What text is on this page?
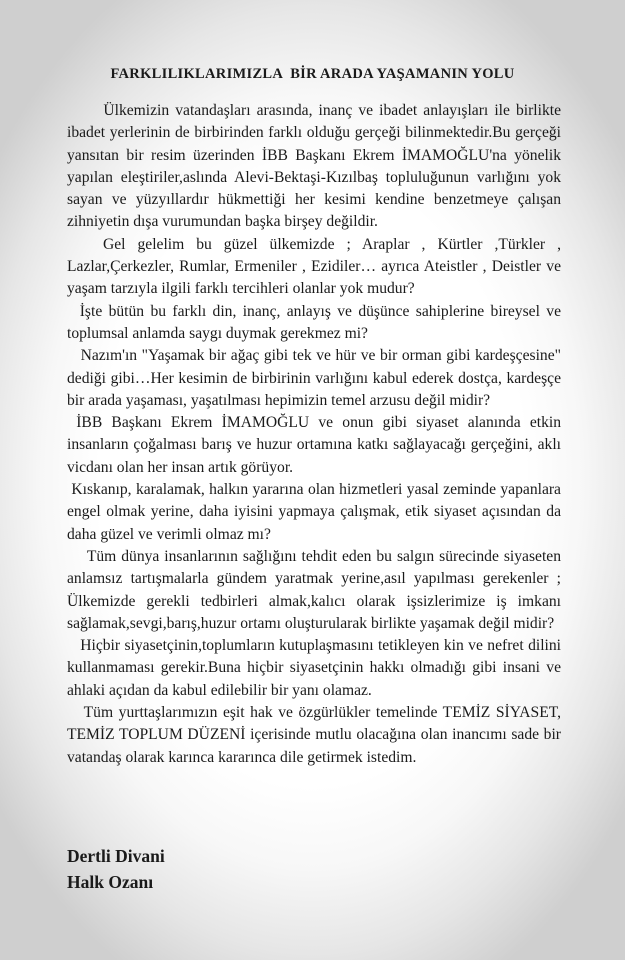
FARKLILIKLARIMIZLA  BİR ARADA YAŞAMANIN YOLU

Ülkemizin vatandaşları arasında, inanç ve ibadet anlayışları ile birlikte ibadet yerlerinin de birbirinden farklı olduğu gerçeği bilinmektedir.Bu gerçeği yansıtan bir resim üzerinden İBB Başkanı Ekrem İMAMOĞLU'na yönelik yapılan eleştiriler,aslında Alevi-Bektaşi-Kızılbaş topluluğunun varlığını yok sayan ve yüzyıllardır hükmettiği her kesimi kendine benzetmeye çalışan  zihniyetin dışa vurumundan başka birşey değildir.

Gel gelelim bu güzel ülkemizde ; Araplar , Kürtler ,Türkler , Lazlar,Çerkezler, Rumlar, Ermeniler , Ezidiler… ayrıca Ateistler , Deistler ve yaşam tarzıyla ilgili farklı tercihleri olanlar yok mudur?

İşte bütün bu farklı din, inanç, anlayış ve düşünce sahiplerine bireysel ve toplumsal anlamda saygı duymak gerekmez mi?

Nazım'ın "Yaşamak bir ağaç gibi tek ve hür ve bir orman gibi kardeşçesine" dediği gibi…Her kesimin de birbirinin varlığını kabul ederek dostça, kardeşçe bir arada yaşaması, yaşatılması hepimizin temel arzusu değil midir?

İBB Başkanı Ekrem İMAMOĞLU ve onun gibi siyaset alanında etkin insanların çoğalması barış ve huzur ortamına katkı sağlayacağı gerçeğini, aklı vicdanı olan her insan artık görüyor.

Kıskanıp, karalamak, halkın yararına olan hizmetleri yasal zeminde yapanlara engel olmak yerine, daha iyisini yapmaya çalışmak, etik siyaset açısından da daha güzel ve verimli olmaz mı?

Tüm dünya insanlarının sağlığını tehdit eden bu salgın sürecinde siyaseten anlamsız tartışmalarla gündem yaratmak yerine,asıl yapılması gerekenler ;  Ülkemizde gerekli tedbirleri almak,kalıcı olarak işsizlerimize iş imkanı sağlamak,sevgi,barış,huzur ortamı oluşturularak birlikte yaşamak değil midir?

Hiçbir siyasetçinin,toplumların kutuplaşmasını tetikleyen kin ve nefret dilini kullanmaması gerekir.Buna hiçbir siyasetçinin hakkı olmadığı gibi insani ve ahlaki açıdan da kabul edilebilir bir yanı olamaz.

Tüm yurttaşlarımızın eşit hak ve özgürlükler temelinde TEMİZ SİYASET, TEMİZ TOPLUM DÜZENİ içerisinde mutlu olacağına olan inancımı sade bir vatandaş olarak karınca kararınca dile getirmek istedim.

Dertli Divani
Halk Ozanı
